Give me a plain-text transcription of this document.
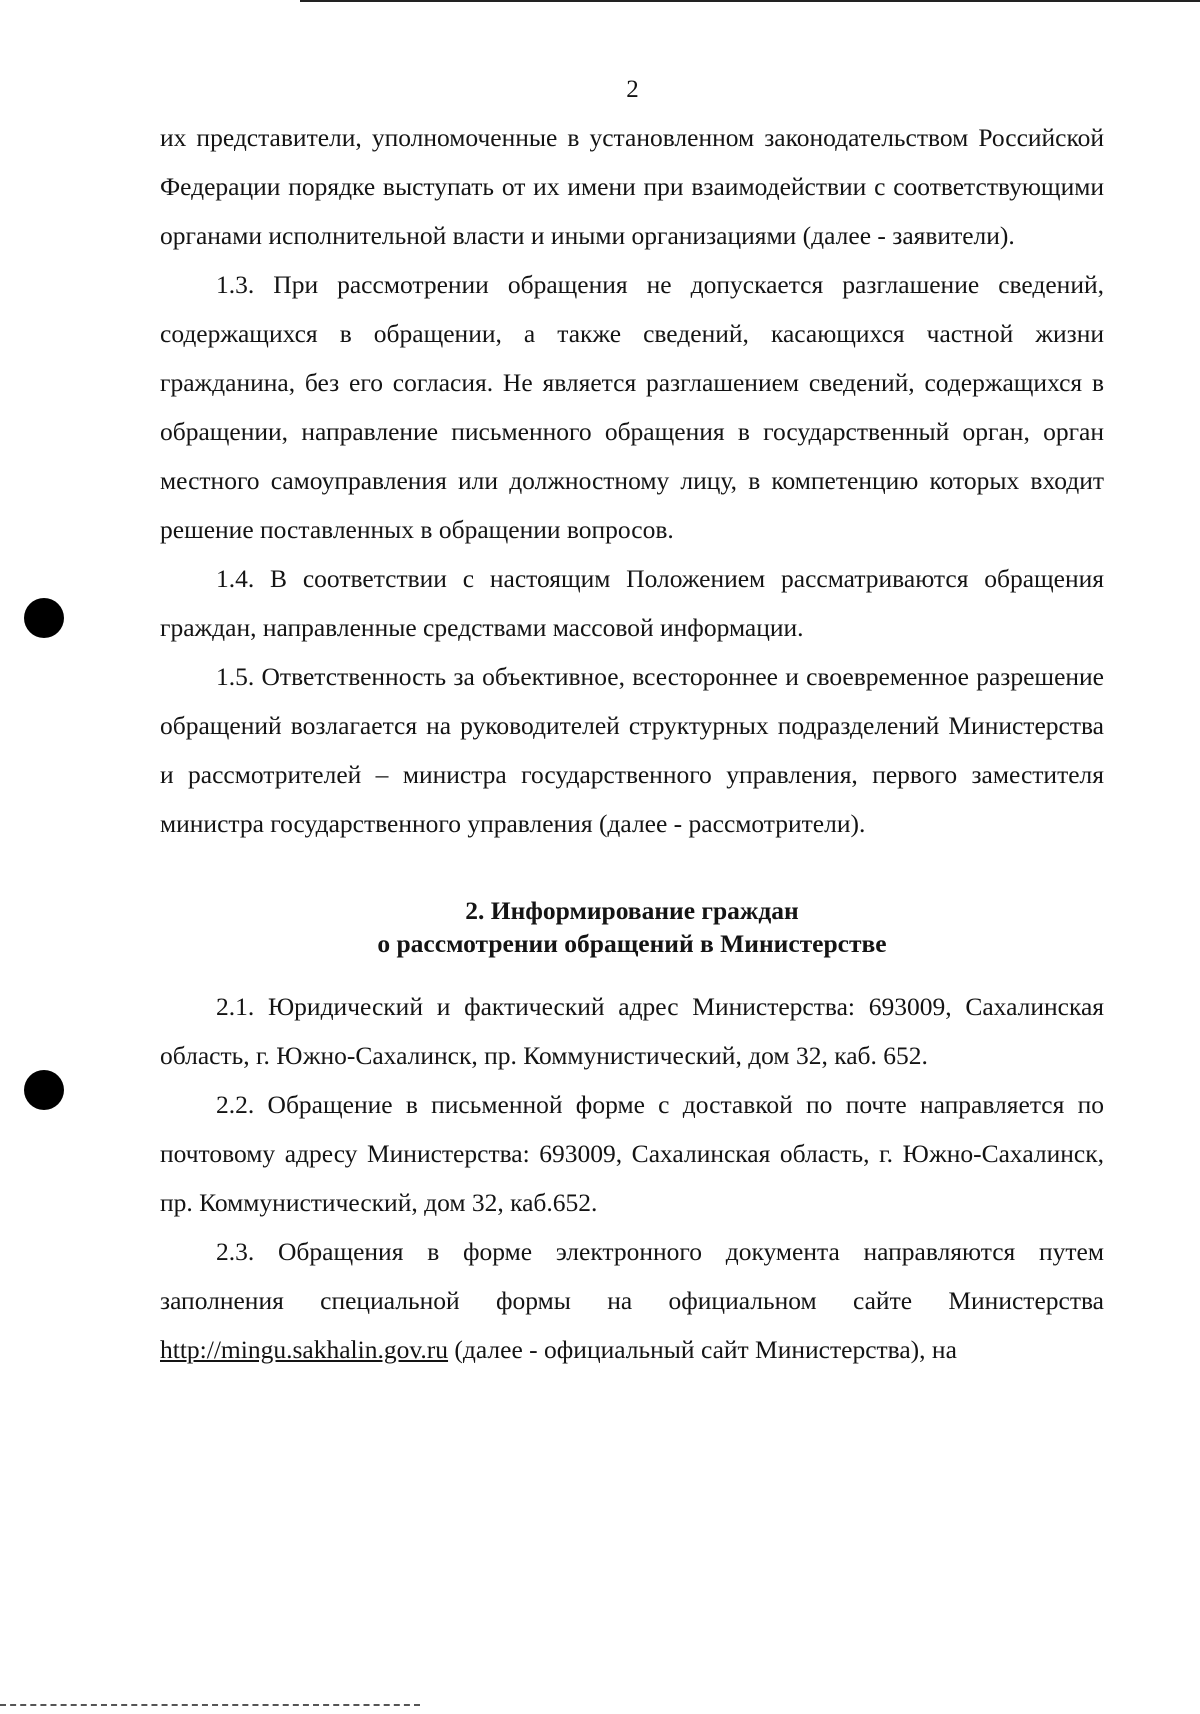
2

их представители, уполномоченные в установленном законодательством Российской Федерации порядке выступать от их имени при взаимодействии с соответствующими органами исполнительной власти и иными организациями (далее - заявители).

1.3. При рассмотрении обращения не допускается разглашение сведений, содержащихся в обращении, а также сведений, касающихся частной жизни гражданина, без его согласия. Не является разглашением сведений, содержащихся в обращении, направление письменного обращения в государственный орган, орган местного самоуправления или должностному лицу, в компетенцию которых входит решение поставленных в обращении вопросов.

1.4. В соответствии с настоящим Положением рассматриваются обращения граждан, направленные средствами массовой информации.

1.5. Ответственность за объективное, всестороннее и своевременное разрешение обращений возлагается на руководителей структурных подразделений Министерства и рассмотрителей – министра государственного управления, первого заместителя министра государственного управления (далее - рассмотрители).

2. Информирование граждан
о рассмотрении обращений в Министерстве

2.1. Юридический и фактический адрес Министерства: 693009, Сахалинская область, г. Южно-Сахалинск, пр. Коммунистический, дом 32, каб. 652.

2.2. Обращение в письменной форме с доставкой по почте направляется по почтовому адресу Министерства: 693009, Сахалинская область, г. Южно-Сахалинск, пр. Коммунистический, дом 32, каб.652.

2.3. Обращения в форме электронного документа направляются путем заполнения специальной формы на официальном сайте Министерства http://mingu.sakhalin.gov.ru (далее - официальный сайт Министерства), на
